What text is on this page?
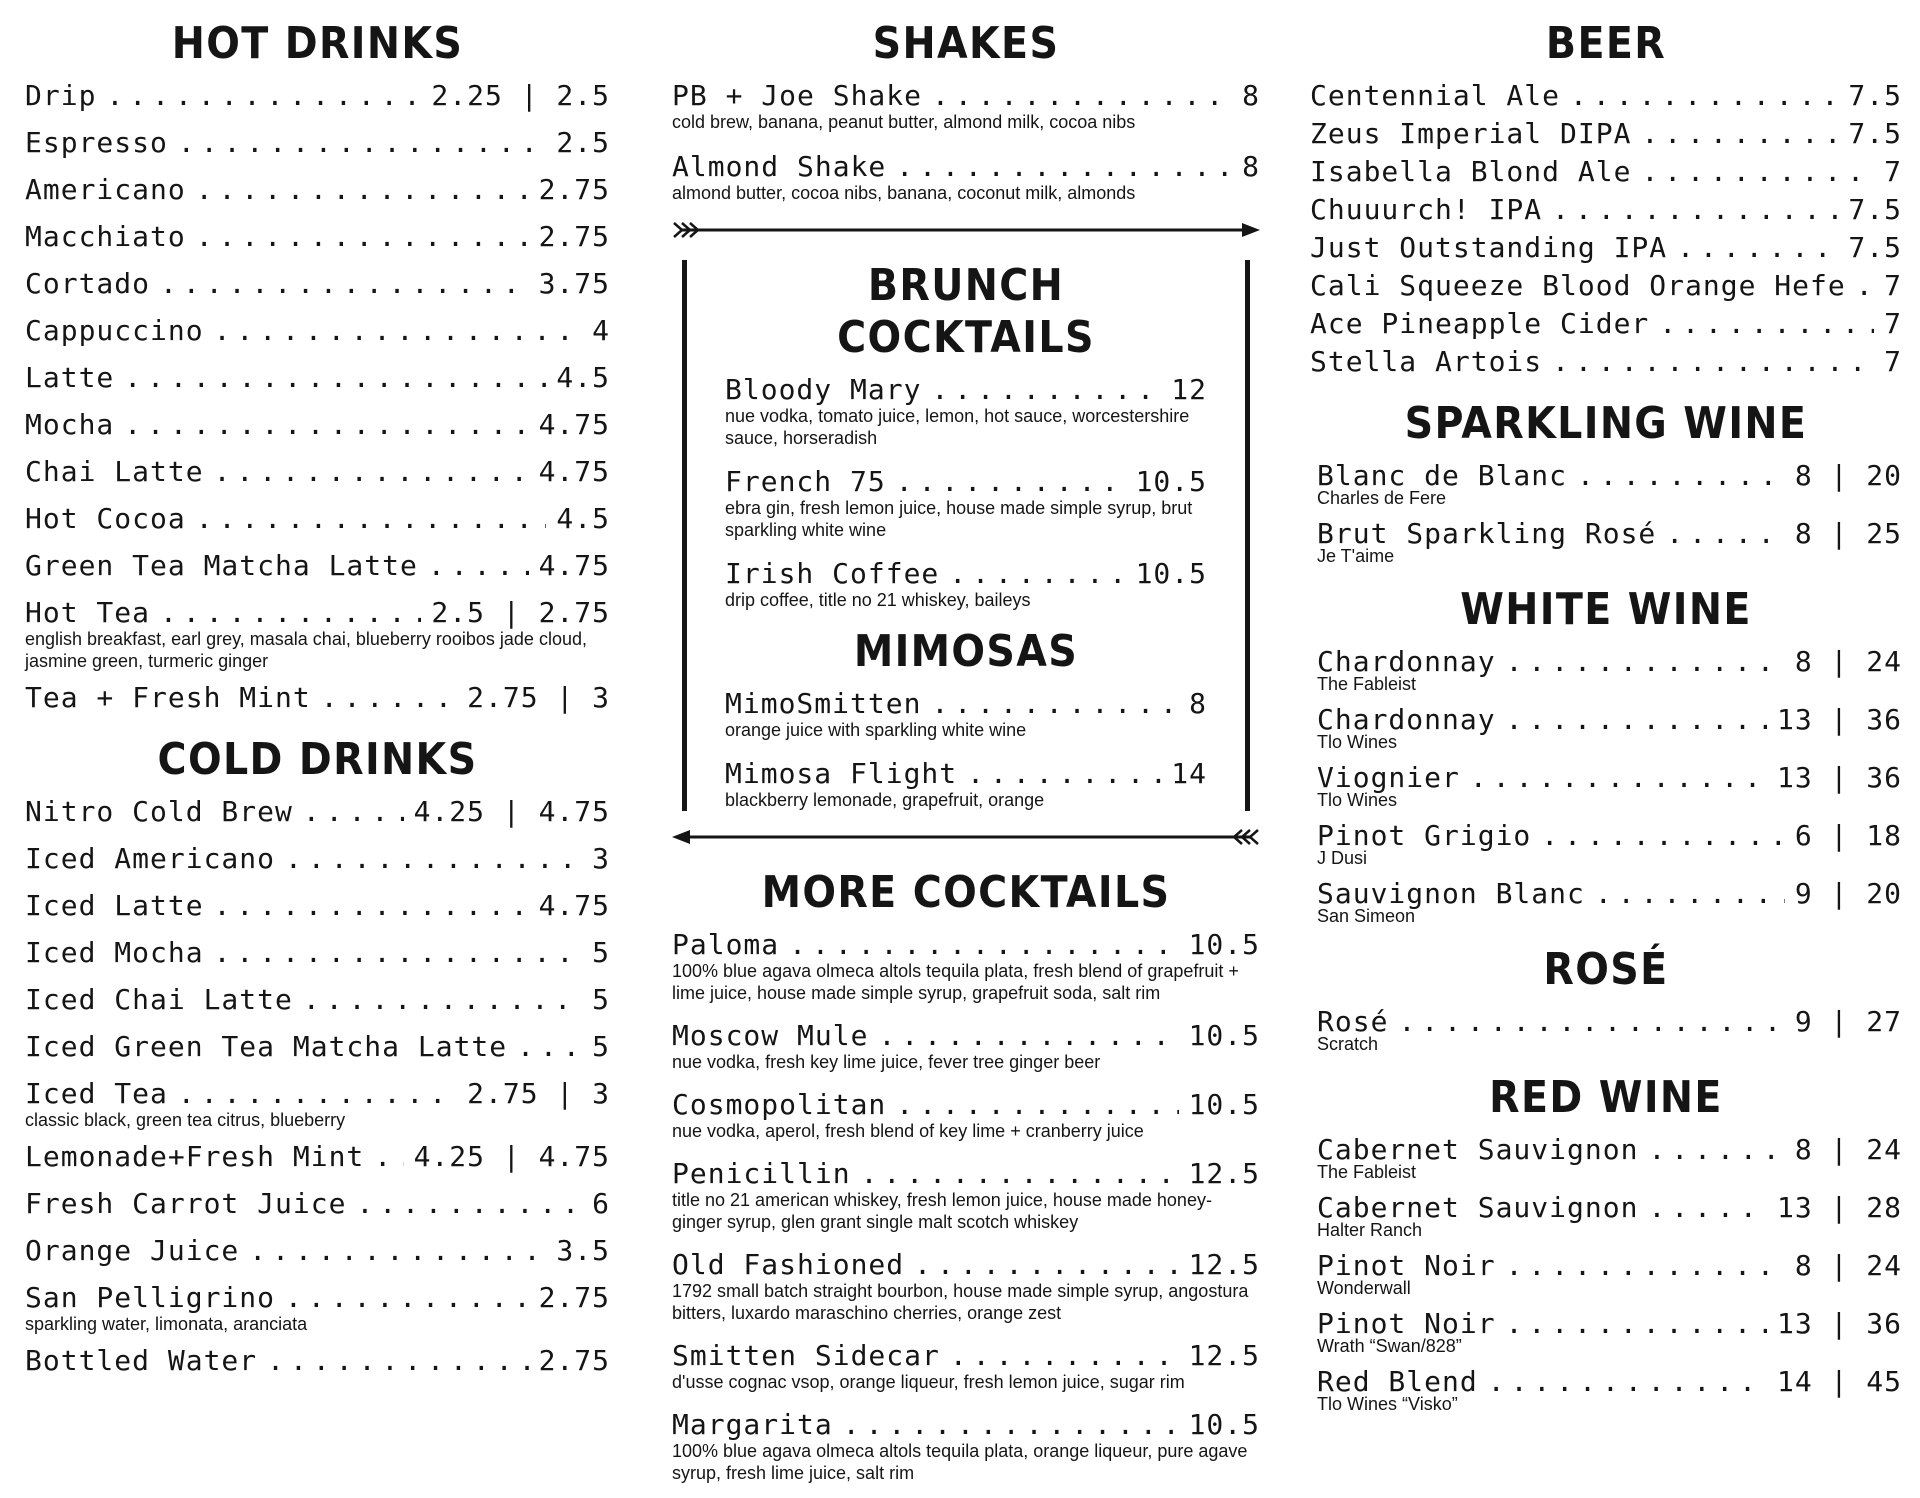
HOT DRINKS
Drip .....	2.25 | 2.5
Espresso .....	2.5
Americano .....	2.75
Macchiato .....	2.75
Cortado .....	3.75
Cappuccino .....	4
Latte .....	4.5
Mocha .....	4.75
Chai Latte .....	4.75
Hot Cocoa .....	4.5
Green Tea Matcha Latte .....	4.75
Hot Tea .....	2.5 | 2.75
english breakfast, earl grey, masala chai, blueberry rooibos jade cloud, jasmine green, turmeric ginger
Tea + Fresh Mint .....	2.75 | 3
COLD DRINKS
Nitro Cold Brew .....	4.25 | 4.75
Iced Americano .....	3
Iced Latte .....	4.75
Iced Mocha .....	5
Iced Chai Latte .....	5
Iced Green Tea Matcha Latte .....	5
Iced Tea .....	2.75 | 3
classic black, green tea citrus, blueberry
Lemonade+Fresh Mint ..... 4.25 | 4.75
Fresh Carrot Juice .....	6
Orange Juice .....	3.5
San Pelligrino .....	2.75
sparkling water, limonata, aranciata
Bottled Water .....	2.75
SHAKES
PB + Joe Shake .....	8
cold brew, banana, peanut butter, almond milk, cocoa nibs
Almond Shake .....	8
almond butter, cocoa nibs, banana, coconut milk, almonds
BRUNCH COCKTAILS
Bloody Mary .....	12
nue vodka, tomato juice, lemon, hot sauce, worcestershire sauce, horseradish
French 75 .....	10.5
ebra gin, fresh lemon juice, house made simple syrup, brut sparkling white wine
Irish Coffee .....	10.5
drip coffee, title no 21 whiskey, baileys
MIMOSAS
MimoSmitten .....	8
orange juice with sparkling white wine
Mimosa Flight .....	14
blackberry lemonade, grapefruit, orange
MORE COCKTAILS
Paloma .....	10.5
100% blue agava olmeca altols tequila plata, fresh blend of grapefruit + lime juice, house made simple syrup, grapefruit soda, salt rim
Moscow Mule .....	10.5
nue vodka, fresh key lime juice, fever tree ginger beer
Cosmopolitan .....	10.5
nue vodka, aperol, fresh blend of key lime + cranberry juice
Penicillin .....	12.5
title no 21 american whiskey, fresh lemon juice, house made honey-ginger syrup, glen grant single malt scotch whiskey
Old Fashioned .....	12.5
1792 small batch straight bourbon, house made simple syrup, angostura bitters, luxardo maraschino cherries, orange zest
Smitten Sidecar .....	12.5
d'usse cognac vsop, orange liqueur, fresh lemon juice, sugar rim
Margarita .....	10.5
100% blue agava olmeca altols tequila plata, orange liqueur, pure agave syrup, fresh lime juice, salt rim
BEER
Centennial Ale .....	7.5
Zeus Imperial DIPA .....	7.5
Isabella Blond Ale .....	7
Chuuurch! IPA .....	7.5
Just Outstanding IPA .....	7.5
Cali Squeeze Blood Orange Hefe ..... 7
Ace Pineapple Cider .....	7
Stella Artois .....	7
SPARKLING WINE
Blanc de Blanc .....	8 | 20
Charles de Fere
Brut Sparkling Rosé .....	8 | 25
Je T'aime
WHITE WINE
Chardonnay .....	8 | 24
The Fableist
Chardonnay .....	13 | 36
Tlo Wines
Viognier .....	13 | 36
Tlo Wines
Pinot Grigio .....	6 | 18
J Dusi
Sauvignon Blanc .....	9 | 20
San Simeon
ROSÉ
Rosé .....	9 | 27
Scratch
RED WINE
Cabernet Sauvignon .....	8 | 24
The Fableist
Cabernet Sauvignon .....	13 | 28
Halter Ranch
Pinot Noir .....	8 | 24
Wonderwall
Pinot Noir .....	13 | 36
Wrath “Swan/828”
Red Blend .....	14 | 45
Tlo Wines “Visko”
